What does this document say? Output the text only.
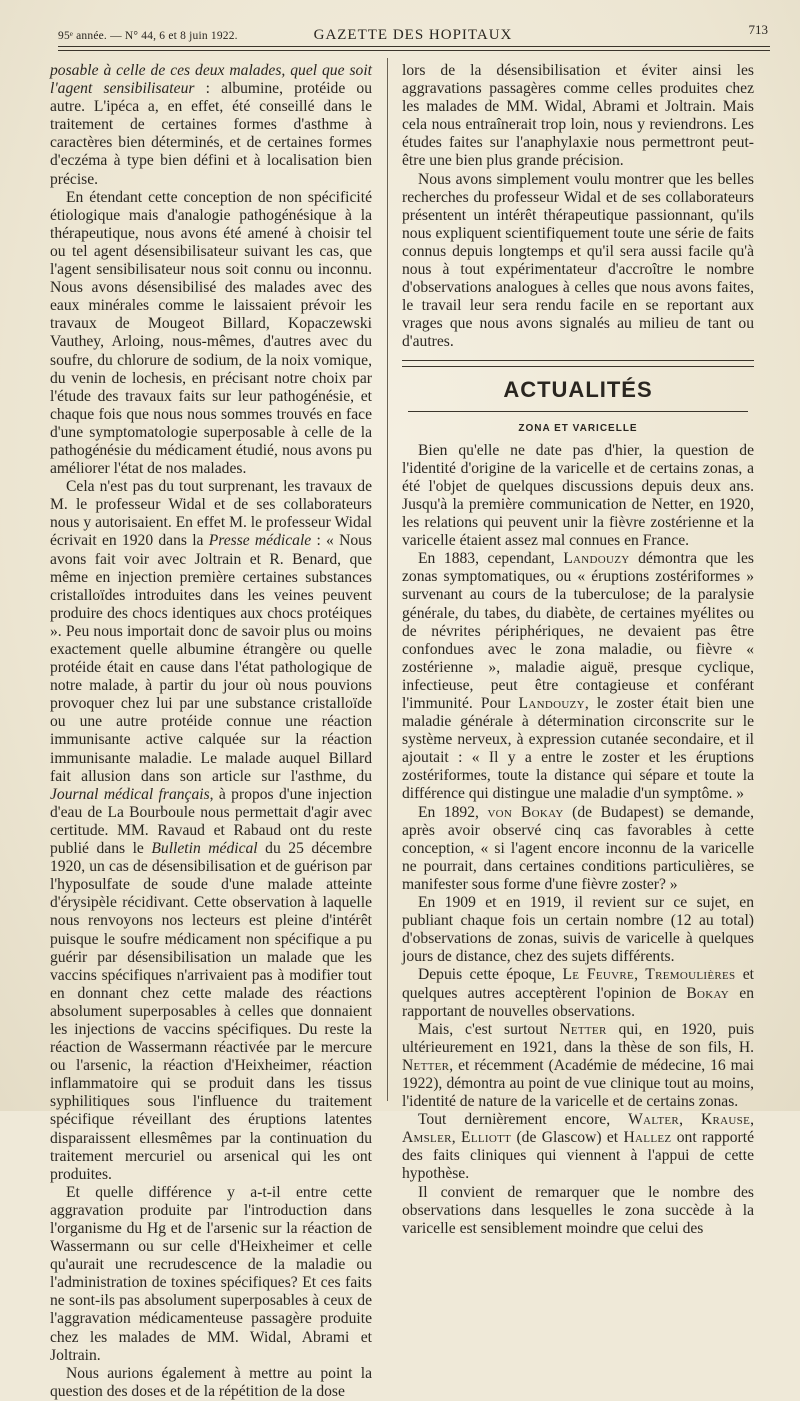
95ᵉ année. — N° 44, 6 et 8 juin 1922.	GAZETTE DES HOPITAUX	713

posable à celle de ces deux malades, quel que soit l'agent sensibilisateur : albumine, protéide ou autre. L'ipéca a, en effet, été conseillé dans le traitement de certaines formes d'asthme à caractères bien déterminés, et de certaines formes d'eczéma à type bien défini et à localisation bien précise.

En étendant cette conception de non spécificité étiologique mais d'analogie pathogénésique à la thérapeutique, nous avons été amené à choisir tel ou tel agent désensibilisateur suivant les cas, que l'agent sensibilisateur nous soit connu ou inconnu. Nous avons désensibilisé des malades avec des eaux minérales comme le laissaient prévoir les travaux de Mougeot Billard, Kopaczewski Vauthey, Arloing, nous-mêmes, d'autres avec du soufre, du chlorure de sodium, de la noix vomique, du venin de lochesis, en précisant notre choix par l'étude des travaux faits sur leur pathogénésie, et chaque fois que nous nous sommes trouvés en face d'une symptomatologie superposable à celle de la pathogénésie du médicament étudié, nous avons pu améliorer l'état de nos malades.

Cela n'est pas du tout surprenant, les travaux de M. le professeur Widal et de ses collaborateurs nous y autorisaient. En effet M. le professeur Widal écrivait en 1920 dans la Presse médicale : « Nous avons fait voir avec Joltrain et R. Benard, que même en injection première certaines substances cristalloïdes introduites dans les veines peuvent produire des chocs identiques aux chocs protéiques ». Peu nous importait donc de savoir plus ou moins exactement quelle albumine étrangère ou quelle protéide était en cause dans l'état pathologique de notre malade, à partir du jour où nous pouvions provoquer chez lui par une substance cristalloïde ou une autre protéide connue une réaction immunisante active calquée sur la réaction immunisante maladie. Le malade auquel Billard fait allusion dans son article sur l'asthme, du Journal médical français, à propos d'une injection d'eau de La Bourboule nous permettait d'agir avec certitude. MM. Ravaud et Rabaud ont du reste publié dans le Bulletin médical du 25 décembre 1920, un cas de désensibilisation et de guérison par l'hyposulfate de soude d'une malade atteinte d'érysipèle récidivant. Cette observation à laquelle nous renvoyons nos lecteurs est pleine d'intérêt puisque le soufre médicament non spécifique a pu guérir par désensibilisation un malade que les vaccins spécifiques n'arrivaient pas à modifier tout en donnant chez cette malade des réactions absolument superposables à celles que donnaient les injections de vaccins spécifiques. Du reste la réaction de Wassermann réactivée par le mercure ou l'arsenic, la réaction d'Heixheimer, réaction inflammatoire qui se produit dans les tissus syphilitiques sous l'influence du traitement spécifique réveillant des éruptions latentes disparaissent ellesmêmes par la continuation du traitement mercuriel ou arsenical qui les ont produites.

Et quelle différence y a-t-il entre cette aggravation produite par l'introduction dans l'organisme du Hg et de l'arsenic sur la réaction de Wassermann ou sur celle d'Heixheimer et celle qu'aurait une recrudescence de la maladie ou l'administration de toxines spécifiques? Et ces faits ne sont-ils pas absolument superposables à ceux de l'aggravation médicamenteuse passagère produite chez les malades de MM. Widal, Abrami et Joltrain.

Nous aurions également à mettre au point la question des doses et de la répétition de la dose

lors de la désensibilisation et éviter ainsi les aggravations passagères comme celles produites chez les malades de MM. Widal, Abrami et Joltrain. Mais cela nous entraînerait trop loin, nous y reviendrons. Les études faites sur l'anaphylaxie nous permettront peut-être une bien plus grande précision.

Nous avons simplement voulu montrer que les belles recherches du professeur Widal et de ses collaborateurs présentent un intérêt thérapeutique passionnant, qu'ils nous expliquent scientifiquement toute une série de faits connus depuis longtemps et qu'il sera aussi facile qu'à nous à tout expérimentateur d'accroître le nombre d'observations analogues à celles que nous avons faites, le travail leur sera rendu facile en se reportant aux vrages que nous avons signalés au milieu de tant ou d'autres.

ACTUALITÉS
ZONA ET VARICELLE

Bien qu'elle ne date pas d'hier, la question de l'identité d'origine de la varicelle et de certains zonas, a été l'objet de quelques discussions depuis deux ans. Jusqu'à la première communication de Netter, en 1920, les relations qui peuvent unir la fièvre zostérienne et la varicelle étaient assez mal connues en France.

En 1883, cependant, Landouzy démontra que les zonas symptomatiques, ou « éruptions zostériformes » survenant au cours de la tuberculose; de la paralysie générale, du tabes, du diabète, de certaines myélites ou de névrites périphériques, ne devaient pas être confondues avec le zona maladie, ou fièvre « zostérienne », maladie aiguë, presque cyclique, infectieuse, peut être contagieuse et conférant l'immunité. Pour Landouzy, le zoster était bien une maladie générale à détermination circonscrite sur le système nerveux, à expression cutanée secondaire, et il ajoutait : « Il y a entre le zoster et les éruptions zostériformes, toute la distance qui sépare et toute la différence qui distingue une maladie d'un symptôme. »

En 1892, von Bokay (de Budapest) se demande, après avoir observé cinq cas favorables à cette conception, « si l'agent encore inconnu de la varicelle ne pourrait, dans certaines conditions particulières, se manifester sous forme d'une fièvre zoster? »

En 1909 et en 1919, il revient sur ce sujet, en publiant chaque fois un certain nombre (12 au total) d'observations de zonas, suivis de varicelle à quelques jours de distance, chez des sujets différents.

Depuis cette époque, Le Feuvre, Tremoulières et quelques autres acceptèrent l'opinion de Bokay en rapportant de nouvelles observations.

Mais, c'est surtout Netter qui, en 1920, puis ultérieurement en 1921, dans la thèse de son fils, H. Netter, et récemment (Académie de médecine, 16 mai 1922), démontra au point de vue clinique tout au moins, l'identité de nature de la varicelle et de certains zonas.

Tout dernièrement encore, Walter, Krause, Amsler, Elliott (de Glascow) et Hallez ont rapporté des faits cliniques qui viennent à l'appui de cette hypothèse.

Il convient de remarquer que le nombre des observations dans lesquelles le zona succède à la varicelle est sensiblement moindre que celui des
